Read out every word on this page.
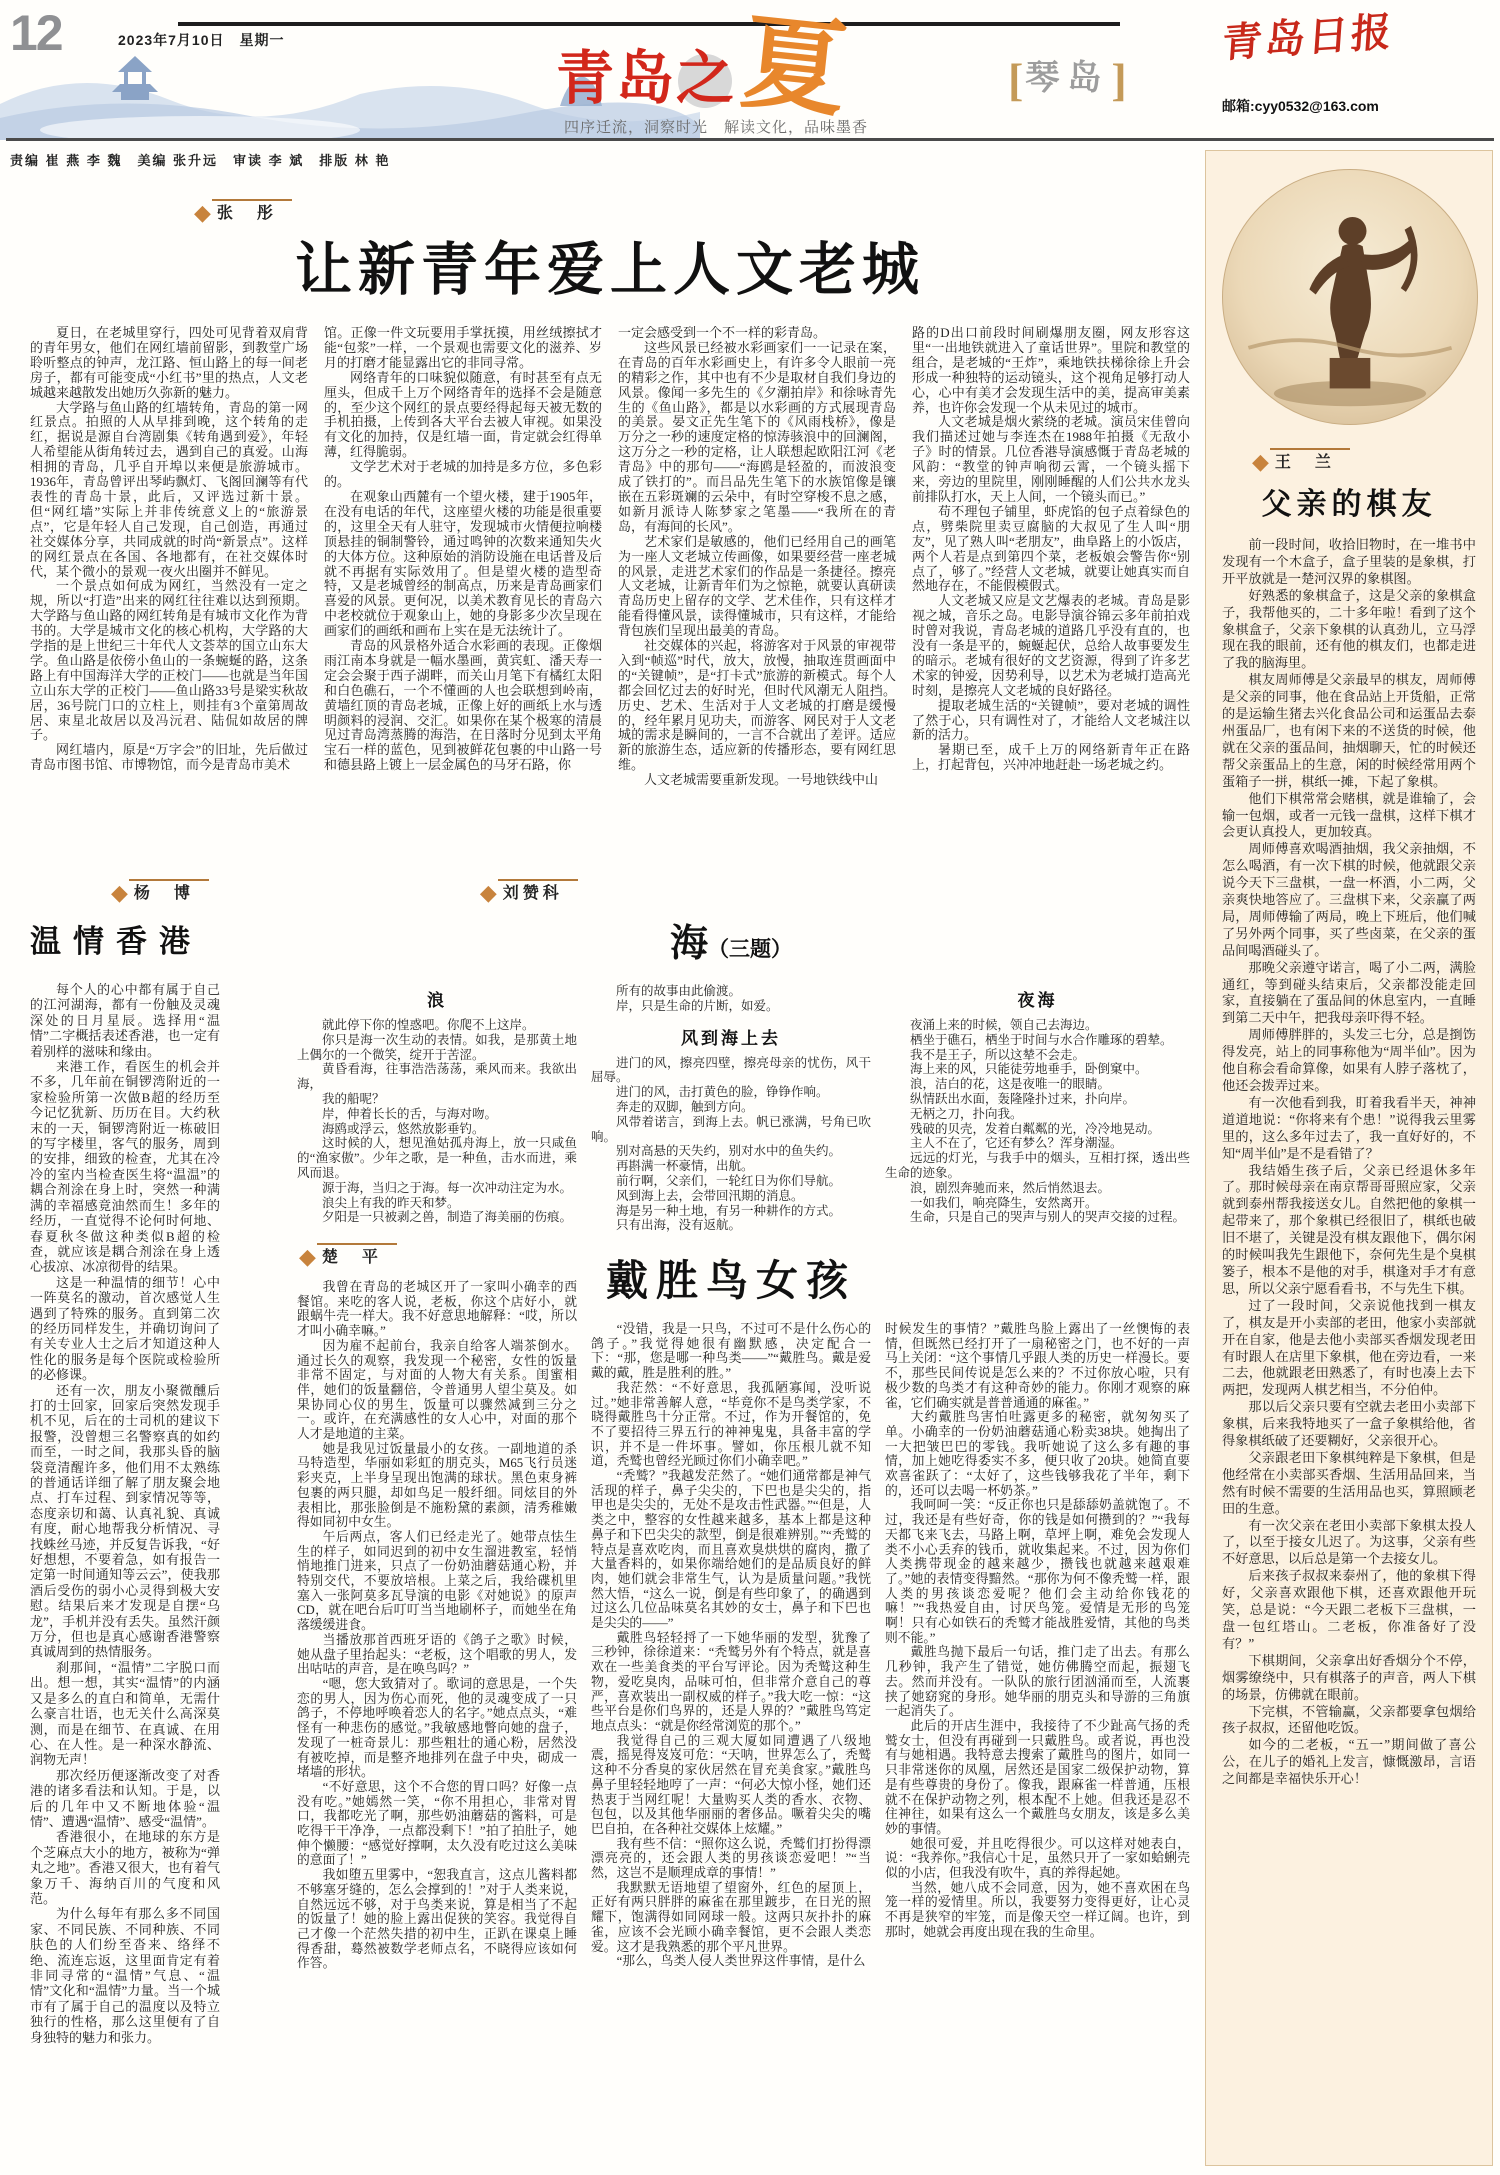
12	2023年7月10日　 星期一
青岛之 夏
四序迁流，洞察时光　解读文化，品味墨香
[琴岛]
青岛日报
邮箱:cyy0532@163.com
责编 崔 燕 李 魏　美编 张升远　审读 李 斌　排版 林 艳
◆ 张　彤
让新青年爱上人文老城

夏日，在老城里穿行，四处可见背着双肩背的青年男女，他们在网红墙前留影，到教堂广场聆听整点的钟声，龙江路、恒山路上的每一间老房子，都有可能变成“小红书”里的热点，人文老城越来越散发出她历久弥新的魅力。

大学路与鱼山路的红墙转角，青岛的第一网红景点。拍照的人从早排到晚，这个转角的走红，据说是源自台湾剧集《转角遇到爱》，年轻人希望能从街角转过去，遇到自己的真爱。山海相拥的青岛，几乎自开埠以来便是旅游城市。1936年，青岛曾评出琴屿飘灯、飞阁回澜等有代表性的青岛十景，此后，又评选过新十景。但“网红墙”实际上并非传统意义上的“旅游景点”，它是年轻人自己发现，自己创造，再通过社交媒体分享，共同成就的时尚“新景点”。这样的网红景点在各国、各地都有，在社交媒体时代，某个微小的景观一夜火出圈并不鲜见。

一个景点如何成为网红，当然没有一定之规，所以“打造”出来的网红往往难以达到预期。大学路与鱼山路的网红转角是有城市文化作为背书的。大学是城市文化的核心机构，大学路的大学指的是上世纪三十年代人文荟萃的国立山东大学。鱼山路是依傍小鱼山的一条蜿蜒的路，这条路上有中国海洋大学的正校门——也就是当年国立山东大学的正校门——鱼山路33号是梁实秋故居，36号院门口的立柱上，则挂有3个童第周故居、束星北故居以及冯沅君、陆侃如故居的牌子。

网红墙内，原是“万字会”的旧址，先后做过青岛市图书馆、市博物馆，而今是青岛市美术

馆。正像一件文玩要用手掌抚摸，用丝绒擦拭才能“包浆”一样，一个景观也需要文化的滋养、岁月的打磨才能显露出它的非同寻常。

网络青年的口味貌似随意，有时甚至有点无厘头，但成千上万个网络青年的选择不会是随意的，至少这个网红的景点要经得起每天被无数的手机拍摄，上传到各大平台去被人审视。如果没有文化的加持，仅是红墙一面，肯定就会红得单薄，红得脆弱。

文学艺术对于老城的加持是多方位，多色彩的。

在观象山西麓有一个望火楼，建于1905年，在没有电话的年代，这座望火楼的功能是很重要的，这里全天有人驻守，发现城市火情便拉响楼顶悬挂的铜制警铃，通过鸣钟的次数来通知失火的大体方位。这种原始的消防设施在电话普及后就不再据有实际效用了。但是望火楼的造型奇特，又是老城曾经的制高点，历来是青岛画家们喜爱的风景。更何况，以美术教育见长的青岛六中老校就位于观象山上，她的身影多少次呈现在画家们的画纸和画布上实在是无法统计了。

青岛的风景格外适合水彩画的表现。正像烟雨江南本身就是一幅水墨画，黄宾虹、潘天寿一定会会聚于西子湖畔，而关山月笔下有橘红太阳和白色礁石，一个不懂画的人也会联想到岭南，黄墙红顶的青岛老城，正像上好的画纸上水与透明颜料的浸润、交汇。如果你在某个极寒的清晨见过青岛湾蒸腾的海浩，在日落时分见到太平角宝石一样的蓝色，见到被鲜花包裹的中山路一号和德县路上镀上一层金属色的马牙石路，你

一定会感受到一个不一样的彩青岛。

这些风景已经被水彩画家们一一记录在案，在青岛的百年水彩画史上，有许多令人眼前一亮的精彩之作，其中也有不少是取材自我们身边的风景。像闻一多先生的《夕潮拍岸》和徐咏青先生的《鱼山路》，都是以水彩画的方式展现青岛的美景。晏文正先生笔下的《风雨栈桥》，像是万分之一秒的速度定格的惊涛骇浪中的回澜阁，这万分之一秒的定格，让人联想起欧阳江河《老青岛》中的那句——“海鸥是轻盈的，而波浪变成了铁打的”。而吕品先生笔下的水族馆像是镶嵌在五彩斑斓的云朵中，有时空穿梭不息之感，如新月派诗人陈梦家之笔墨——“我所在的青岛，有海间的长风”。

艺术家们是敏感的，他们已经用自己的画笔为一座人文老城立传画像，如果要经营一座老城的风景，走进艺术家们的作品是一条捷径。擦亮人文老城，让新青年们为之惊艳，就要认真研读青岛历史上留存的文学、艺术佳作，只有这样才能看得懂风景，读得懂城市，只有这样，才能给背包族们呈现出最美的青岛。

社交媒体的兴起，将游客对于风景的审视带入到“帧巡”时代，放大，放慢，抽取连贯画面中的“关键帧”，是“打卡式”旅游的新模式。每个人都会回忆过去的好时光，但时代风潮无人阻挡。历史、艺术、生活对于人文老城的打磨是缓慢的，经年累月见功夫，而游客、网民对于人文老城的需求是瞬间的，一言不合就出了差评。适应新的旅游生态，适应新的传播形态，要有网红思维。

人文老城需要重新发现。一号地铁线中山

路的D出口前段时间刷爆朋友圈，网友形容这里“一出地铁就进入了童话世界”。里院和教堂的组合，是老城的“王炸”，乘地铁扶梯徐徐上升会形成一种独特的运动镜头，这个视角足够打动人心，心中有美才会发现生活中的美，提高审美素养，也许你会发现一个从未见过的城市。

人文老城是烟火萦绕的老城。演员宋佳曾向我们描述过她与李连杰在1988年拍摄《无敌小子》时的情景。几位香港导演感慨于青岛老城的风韵：“教堂的钟声响彻云霄，一个镜头摇下来，旁边的里院里，刚刚睡醒的人们公共水龙头前排队打水，天上人间，一个镜头而已。”

苟不理包子铺里，虾虎馅的包子点着绿色的点，劈柴院里卖豆腐脑的大叔见了生人叫“朋友”，见了熟人叫“老朋友”，曲阜路上的小饭店，两个人若是点到第四个菜，老板娘会警告你“别点了，够了。”经营人文老城，就要让她真实而自然地存在，不能假模假式。

人文老城又应是文艺爆表的老城。青岛是影视之城，音乐之岛。电影导演谷锦云多年前拍戏时曾对我说，青岛老城的道路几乎没有直的，也没有一条是平的，蜿蜒起伏，总给人故事要发生的暗示。老城有很好的文艺资源，得到了许多艺术家的钟爱，因势利导，以艺术为老城打造高光时刻，是擦亮人文老城的良好路径。

提取老城生活的“关键帧”，要对老城的调性了然于心，只有调性对了，才能给人文老城注以新的活力。

暑期已至，成千上万的网络新青年正在路上，打起背包，兴冲冲地赶赴一场老城之约。

◆ 杨　博
温情香港

每个人的心中都有属于自己的江河湖海，都有一份触及灵魂深处的日月星辰。选择用“温情”二字概括表述香港，也一定有着别样的滋味和缘由。

来港工作，看医生的机会并不多，几年前在铜锣湾附近的一家检验所第一次做B超的经历至今记忆犹新、历历在目。大约秋末的一天，铜锣湾附近一栋破旧的写字楼里，客气的服务，周到的安排，细致的检查，尤其在冷冷的室内当检查医生将“温温”的耦合剂涂在身上时，突然一种满满的幸福感竟油然而生！多年的经历，一直觉得不论何时何地、春夏秋冬做这种类似B超的检查，就应该是耦合剂涂在身上透心拔凉、冰凉彻骨的结果。

这是一种温情的细节！心中一阵莫名的激动，首次感觉人生遇到了特殊的服务。直到第二次的经历同样发生，并确切询问了有关专业人士之后才知道这种人性化的服务是每个医院或检验所的必修课。

还有一次，朋友小聚微醺后打的士回家，回家后突然发现手机不见，后在的士司机的建议下报警，没曾想三名警察真的如约而至，一时之间，我那头昏的脑袋竟清醒许多，他们用不太熟练的普通话详细了解了朋友聚会地点、打车过程、到家情况等等，态度亲切和蔼、认真礼貌、真诚有度，耐心地帮我分析情况、寻找蛛丝马迹，并反复告诉我，“好好想想，不要着急，如有报告一定第一时间通知等云云”，使我那酒后受伤的弱小心灵得到极大安慰。结果后来才发现是自摆“乌龙”，手机并没有丢失。虽然汗颜万分，但也是真心感谢香港警察真诚周到的热情服务。

刹那间，“温情”二字脱口而出。想一想，其实“温情”的内涵又是多么的直白和简单，无需什么豪言壮语，也无关什么高深莫测，而是在细节、在真诚、在用心、在人性。是一种深水静流、润物无声！

那次经历便逐渐改变了对香港的诸多看法和认知。于是，以后的几年中又不断地体验“温情”、遭遇“温情”、感受“温情”。

香港很小，在地球的东方是个芝麻点大小的地方，被称为“弹丸之地”。香港又很大，也有着气象万千、海纳百川的气度和风范。

为什么每年有那么多不同国家、不同民族、不同种族、不同肤色的人们纷至沓来、络绎不绝、流连忘返，这里面肯定有着非同寻常的“温情”气息、“温情”文化和“温情”力量。当一个城市有了属于自己的温度以及特立独行的性格，那么这里便有了自身独特的魅力和张力。

◆ 刘赞科
海（三题）
浪

就此停下你的惶惑吧。你爬不上这岸。

你只是海一次生动的表情。如我，是那黄土地上偶尔的一个微笑，绽开于苦涩。

黄昏看海，往事浩浩荡荡，乘风而来。我欲出海，

我的船呢？

岸，伸着长长的舌，与海对吻。

海鸥或浮云，悠然放影垂钓。

这时候的人，想见渔姑孤舟海上，放一只咸鱼的“渔家傲”。少年之歌，是一种鱼，击水而进，乘风而退。

源于海，当归之于海。每一次冲动注定为水。

浪尖上有我的昨天和梦。

夕阳是一只被剥之兽，制造了海美丽的伤痕。

所有的故事由此偷渡。

岸，只是生命的片断，如爱。

风到海上去

进门的风，擦亮四壁，擦亮母亲的忧伤，风干屈辱。

进门的风，击打黄色的脸，铮铮作响。

奔走的双脚，触到方向。

风带着诺言，到海上去。帆已涨满，号角已吹响。

别对高悬的天失约，别对水中的鱼失约。

再斟满一杯豪情，出航。

前行啊，父亲们，一轮红日为你们导航。

风到海上去，会带回汛期的消息。

海是另一种土地，有另一种耕作的方式。

只有出海，没有返航。

夜海

夜涌上来的时候，领自己去海边。

栖坐于礁石，栖坐于时间与水合作雕琢的碧辇。

我不是王子，所以这辇不会走。

海上来的风，只能徒劳地垂手，卧倒窠中。

浪，洁白的花，这是夜唯一的眼睛。

纵情跃出水面，轰隆隆扑过来，扑向岸。

无柄之刀，扑向我。

残破的贝壳，发着白粼粼的光，冷冷地晃动。

主人不在了，它还有梦么？浑身潮湿。

远远的灯光，与我手中的烟头，互相打探，透出些生命的迹象。

浪，剧烈奔驰而来，然后悄然退去。

一如我们，响亮降生，安然离开。

生命，只是自己的哭声与别人的哭声交接的过程。

◆ 楚　平

我曾在青岛的老城区开了一家叫小确幸的西餐馆。来吃的客人说，老板，你这个店好小，就跟蜗牛壳一样大。我不好意思地解释：“哎，所以才叫小确幸嘛。”

因为雇不起前台，我亲自给客人端茶倒水。通过长久的观察，我发现一个秘密，女性的饭量非常不固定，与对面的人物大有关系。闺蜜相伴，她们的饭量翻倍，令普通男人望尘莫及。如果协同心仪的男生，饭量可以骤然减到三分之一。或许，在充满感性的女人心中，对面的那个人才是地道的主菜。

她是我见过饭量最小的女孩。一副地道的杀马特造型，华丽如彩虹的朋克头，M65飞行员迷彩夹克，上半身呈现出饱满的球状。黑色束身裤包裹的两只腿，却如鸟足一般纤细。同炫目的外表相比，那张脸倒是不施粉黛的素颜，清秀稚嫩得如同初中女生。

午后两点，客人们已经走光了。她带点怯生生的样子，如同迟到的初中女生溜进教室，轻悄悄地推门进来，只点了一份奶油蘑菇通心粉，并特别交代，不要放培根。上菜之后，我给碟机里塞入一张阿莫多瓦导演的电影《对她说》的原声CD，就在吧台后叮叮当当地刷杯子，而她坐在角落缓缓进食。

当播放那首西班牙语的《鸽子之歌》时候，她从盘子里抬起头：“老板，这个唱歌的男人，发出咕咕的声音，是在唤鸟吗？”

“嗯，您大致猜对了。歌词的意思是，一个失恋的男人，因为伤心而死，他的灵魂变成了一只鸽子，不停地呼唤着恋人的名字。”她点点头，“难怪有一种悲伤的感觉。”我敏感地瞥向她的盘子，发现了一桩奇景儿：那些粗壮的通心粉，居然没有被吃掉，而是整齐地排列在盘子中央，砌成一堵墙的形状。

“不好意思，这个不合您的胃口吗？好像一点没有吃。”她嫣然一笑，“你不用担心，非常对胃口，我都吃光了啊，那些奶油蘑菇的酱料，可是吃得干干净净，一点都没剩下！”拍了拍肚子，她伸个懒腰：“感觉好撑啊，太久没有吃过这么美味的意面了！”

我如堕五里雾中，“恕我直言，这点儿酱料都不够塞牙缝的，怎么会撑到的！”对于人类来说，自然远远不够，对于鸟类来说，算是相当了不起的饭量了！她的脸上露出促狭的笑容。我觉得自己才像一个茫然失措的初中生，正趴在课桌上睡得香甜，蓦然被数学老师点名，不晓得应该如何作答。

戴胜鸟女孩

“没错，我是一只鸟，不过可不是什么伤心的鸽子。”我觉得她很有幽默感，决定配合一下：“那，您是哪一种鸟类——”“戴胜鸟。戴是爱戴的戴，胜是胜利的胜。”

我茫然：“不好意思，我孤陋寡闻，没听说过。”她非常善解人意，“毕竟你不是鸟类学家，不晓得戴胜鸟十分正常。不过，作为开餐馆的，免不了要招待三界五行的神神鬼鬼，具备丰富的学识，并不是一件坏事。譬如，你压根儿就不知道，秃鹫也曾经光顾过你们小确幸吧。”

“秃鹫？”我越发茫然了。“她们通常都是神气活现的样子，鼻子尖尖的，下巴也是尖尖的，指甲也是尖尖的，无处不是攻击性武器。”“但是，人类之中，整容的女性越来越多，基本上都是这种鼻子和下巴尖尖的款型，倒是很难辨别。”“秃鹫的特点是喜欢吃肉，而且喜欢臭烘烘的腐肉，撒了大量香料的，如果你端给她们的是品质良好的鲜肉，她们就会非常生气，认为是质量问题。”我恍然大悟，“这么一说，倒是有些印象了，的确遇到过这么几位品味莫名其妙的女士，鼻子和下巴也是尖尖的——”

戴胜鸟轻轻捋了一下她华丽的发型，犹豫了三秒钟，徐徐道来：“秃鹫另外有个特点，就是喜欢在一些美食类的平台写评论。因为秃鹫这种生物，爱吃臭肉，品味可怕，但非常介意自己的尊严，喜欢装出一副权威的样子。”我大吃一惊：“这些平台是你们鸟界的，还是人界的？”戴胜鸟笃定地点点头：“就是你经常浏览的那个。”

我觉得自己的三观大厦如同遭遇了八级地震，摇晃得岌岌可危：“天呐，世界怎么了，秃鹫这种不分香臭的家伙居然在冒充美食家。”戴胜鸟鼻子里轻轻地哼了一声：“何必大惊小怪，她们还热衷于当网红呢！大量购买人类的香水、衣物、包包，以及其他华丽丽的奢侈品。噘着尖尖的嘴巴自拍，在各种社交媒体上炫耀。”

我有些不信：“照你这么说，秃鹫们打扮得漂漂亮亮的，还会跟人类的男孩谈恋爱吧！”“当然，这岂不是顺理成章的事情！”

我默默无语地望了望窗外，红色的屋顶上，正好有两只胖胖的麻雀在那里踱步，在日光的照耀下，饱满得如同网球一般。这两只灰扑扑的麻雀，应该不会光顾小确幸餐馆，更不会跟人类恋爱。这才是我熟悉的那个平凡世界。

“那么，鸟类人侵人类世界这件事情，是什么

时候发生的事情？”戴胜鸟脸上露出了一丝懊悔的表情，但既然已经打开了一扇秘密之门，也不好的一声马上关闭：“这个事情几乎跟人类的历史一样漫长。要不，那些民间传说是怎么来的？不过你放心啦，只有极少数的鸟类才有这种奇妙的能力。你刚才观察的麻雀，它们确实就是普普通通的麻雀。”

大约戴胜鸟害怕吐露更多的秘密，就匆匆买了单。小确幸的一份奶油蘑菇通心粉卖38块。她掏出了一大把皱巴巴的零钱。我听她说了这么多有趣的事情，加上她吃得委实不多，便只收了20块。她简直要欢喜雀跃了：“太好了，这些钱够我花了半年，剩下的，还可以去喝一杯奶茶。”

我呵呵一笑：“反正你也只是舔舔奶盖就饱了。不过，我还是有些好奇，你的钱是如何攒到的？”“我每天都飞来飞去，马路上啊，草坪上啊，难免会发现人类不小心丢弃的钱币，就收集起来。不过，因为你们人类携带现金的越来越少，攒钱也就越来越艰难了。”她的表情变得黯然。“那你为何不像秃鹫一样，跟人类的男孩谈恋爱呢？他们会主动给你钱花的嘛！”“我热爱自由，讨厌鸟笼。爱情是无形的鸟笼啊！只有心如铁石的秃鹫才能战胜爱情，其他的鸟类则不能。”

戴胜鸟抛下最后一句话，推门走了出去。有那么几秒钟，我产生了错觉，她仿佛腾空而起，振翅飞去。然而并没有。一队队的旅行团汹涌而至，人流裹挟了她窈窕的身形。她华丽的朋克头和导游的三角旗一起消失了。

此后的开店生涯中，我接待了不少趾高气扬的秃鹫女士，但没有再碰到一只戴胜鸟。或者说，再也没有与她相遇。我特意去搜索了戴胜鸟的图片，如同一只非常迷你的凤凰，居然还是国家二级保护动物，算是有些尊贵的身份了。像我，跟麻雀一样普通，压根就不在保护动物之列，根本配不上她。但我还是忍不住神往，如果有这么一个戴胜鸟女朋友，该是多么美妙的事情。

她很可爱，并且吃得很少。可以这样对她表白，说：“我养你。”我信心十足，虽然只开了一家如蛤蜊壳似的小店，但我没有吹牛，真的养得起她。

当然，她八成不会同意，因为，她不喜欢困在鸟笼一样的爱情里。所以，我要努力变得更好，让心灵不再是狭窄的牢笼，而是像天空一样辽阔。也许，到那时，她就会再度出现在我的生命里。

◆ 王　兰
父亲的棋友

前一段时间，收拾旧物时，在一堆书中发现有一个木盒子，盒子里装的是象棋，打开平放就是一楚河汉界的象棋图。

好熟悉的象棋盒子，这是父亲的象棋盒子，我帮他买的，二十多年啦！看到了这个象棋盒子，父亲下象棋的认真劲儿，立马浮现在我的眼前，还有他的棋友们，也都走进了我的脑海里。

棋友周师傅是父亲最早的棋友，周师傅是父亲的同事，他在食品站上开货船，正常的是运输生猪去兴化食品公司和运蛋品去泰州蛋品厂，也有闲下来的不送货的时候，他就在父亲的蛋品间，抽烟聊天，忙的时候还帮父亲蛋品上的生意，闲的时候经常用两个蛋箱子一拼，棋纸一摊，下起了象棋。

他们下棋常常会赌棋，就是谁输了，会输一包烟，或者一元钱一盘棋，这样下棋才会更认真投人，更加较真。

周师傅喜欢喝酒抽烟，我父亲抽烟，不怎么喝酒，有一次下棋的时候，他就跟父亲说今天下三盘棋，一盘一杯酒，小二两，父亲爽快地答应了。三盘棋下来，父亲赢了两局，周师傅输了两局，晚上下班后，他们喊了另外两个同事，买了些卤菜，在父亲的蛋品间喝酒碰头了。

那晚父亲遵守诺言，喝了小二两，满脸通红，等到碰头结束后，父亲都没能走回家，直接躺在了蛋品间的休息室内，一直睡到第二天中午，把我母亲吓得不轻。

周师傅胖胖的，头发三七分，总是捯饬得发亮，站上的同事称他为“周半仙”。因为他自称会看命算像，如果有人脖子落枕了，他还会拨弄过来。

有一次他看到我，盯着我看半天，神神道道地说：“你将来有个患！”说得我云里雾里的，这么多年过去了，我一直好好的，不知“周半仙”是不是看错了？

我结婚生孩子后，父亲已经退休多年了。那时候母亲在南京帮哥哥照应家，父亲就到泰州帮我接送女儿。自然把他的象棋一起带来了，那个象棋已经很旧了，棋纸也破旧不堪了，关键是没有棋友跟他下，偶尔闲的时候叫我先生跟他下，奈何先生是个臭棋篓子，根本不是他的对手，棋逢对手才有意思，所以父亲宁愿看看书，不与先生下棋。

过了一段时间，父亲说他找到一棋友了，棋友是开小卖部的老田，他家小卖部就开在自家，他是去他小卖部买香烟发现老田有时跟人在店里下象棋，他在旁边看，一来二去，他就跟老田熟悉了，有时也凑上去下两把，发现两人棋艺相当，不分伯仲。

那以后父亲只要有空就去老田小卖部下象棋，后来我特地买了一盒子象棋给他，省得象棋纸破了还要糊好，父亲很开心。

父亲跟老田下象棋纯粹是下象棋，但是他经常在小卖部买香烟、生活用品回来，当然有时候不需要的生活用品也买，算照顾老田的生意。

有一次父亲在老田小卖部下象棋太投人了，以至于接女儿迟了。为这事，父亲有些不好意思，以后总是第一个去接女儿。

后来孩子叔叔来泰州了，他的象棋下得好，父亲喜欢跟他下棋，还喜欢跟他开玩笑，总是说：“今天跟二老板下三盘棋，一盘一包红塔山。二老板，你准备好了没有？”

下棋期间，父亲拿出好香烟分个不停，烟雾缭绕中，只有棋落子的声音，两人下棋的场景，仿佛就在眼前。

下完棋，不管输赢，父亲都要拿包烟给孩子叔叔，还留他吃饭。

如今的二老板，“五一”期间做了喜公公，在儿子的婚礼上发言，慷慨激昂，言语之间都是幸福快乐开心！
